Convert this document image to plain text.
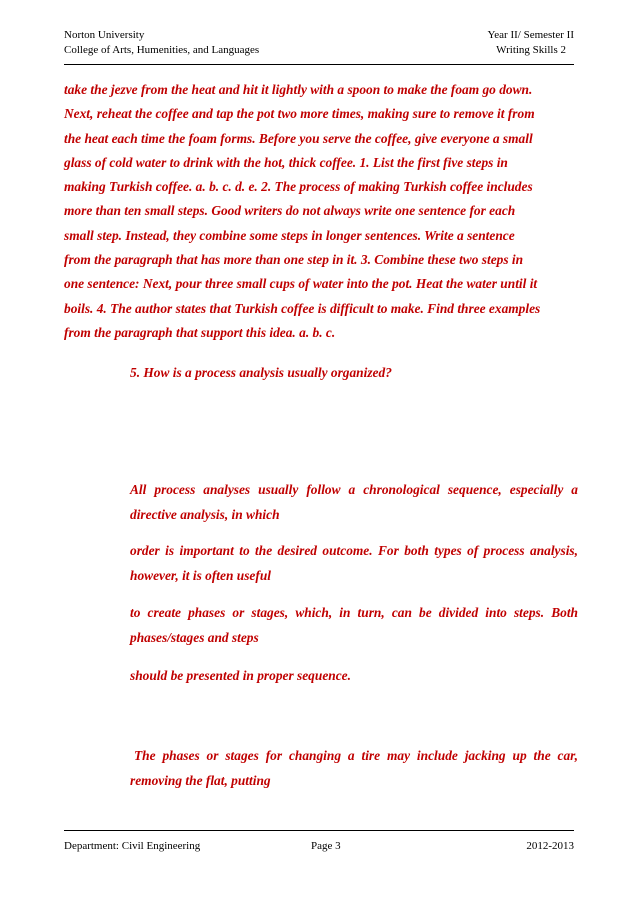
Norton University
College of Arts, Humenities, and Languages
Year II/ Semester II
Writing Skills 2
take the jezve from the heat and hit it lightly with a spoon to make the foam go down.
Next, reheat the coffee and tap the pot two more times, making sure to remove it from
the heat each time the foam forms. Before you serve the coffee, give everyone a small
glass of cold water to drink with the hot, thick coffee. 1. List the first five steps in
making Turkish coffee. a. b. c. d. e. 2. The process of making Turkish coffee includes
more than ten small steps. Good writers do not always write one sentence for each
small step. Instead, they combine some steps in longer sentences. Write a sentence
from the paragraph that has more than one step in it. 3. Combine these two steps in
one sentence: Next, pour three small cups of water into the pot. Heat the water until it
boils. 4. The author states that Turkish coffee is difficult to make. Find three examples
from the paragraph that support this idea. a. b. c.
5. How is a process analysis usually organized?
All process analyses usually follow a chronological sequence, especially a
directive analysis, in which
order is important to the desired outcome. For both types of process analysis,
however, it is often useful
to create phases or stages, which, in turn, can be divided into steps. Both
phases/stages and steps
should be presented in proper sequence.
The phases or stages for changing a tire may include jacking up the car,
removing the flat, putting
Department: Civil Engineering	Page 3	2012-2013
